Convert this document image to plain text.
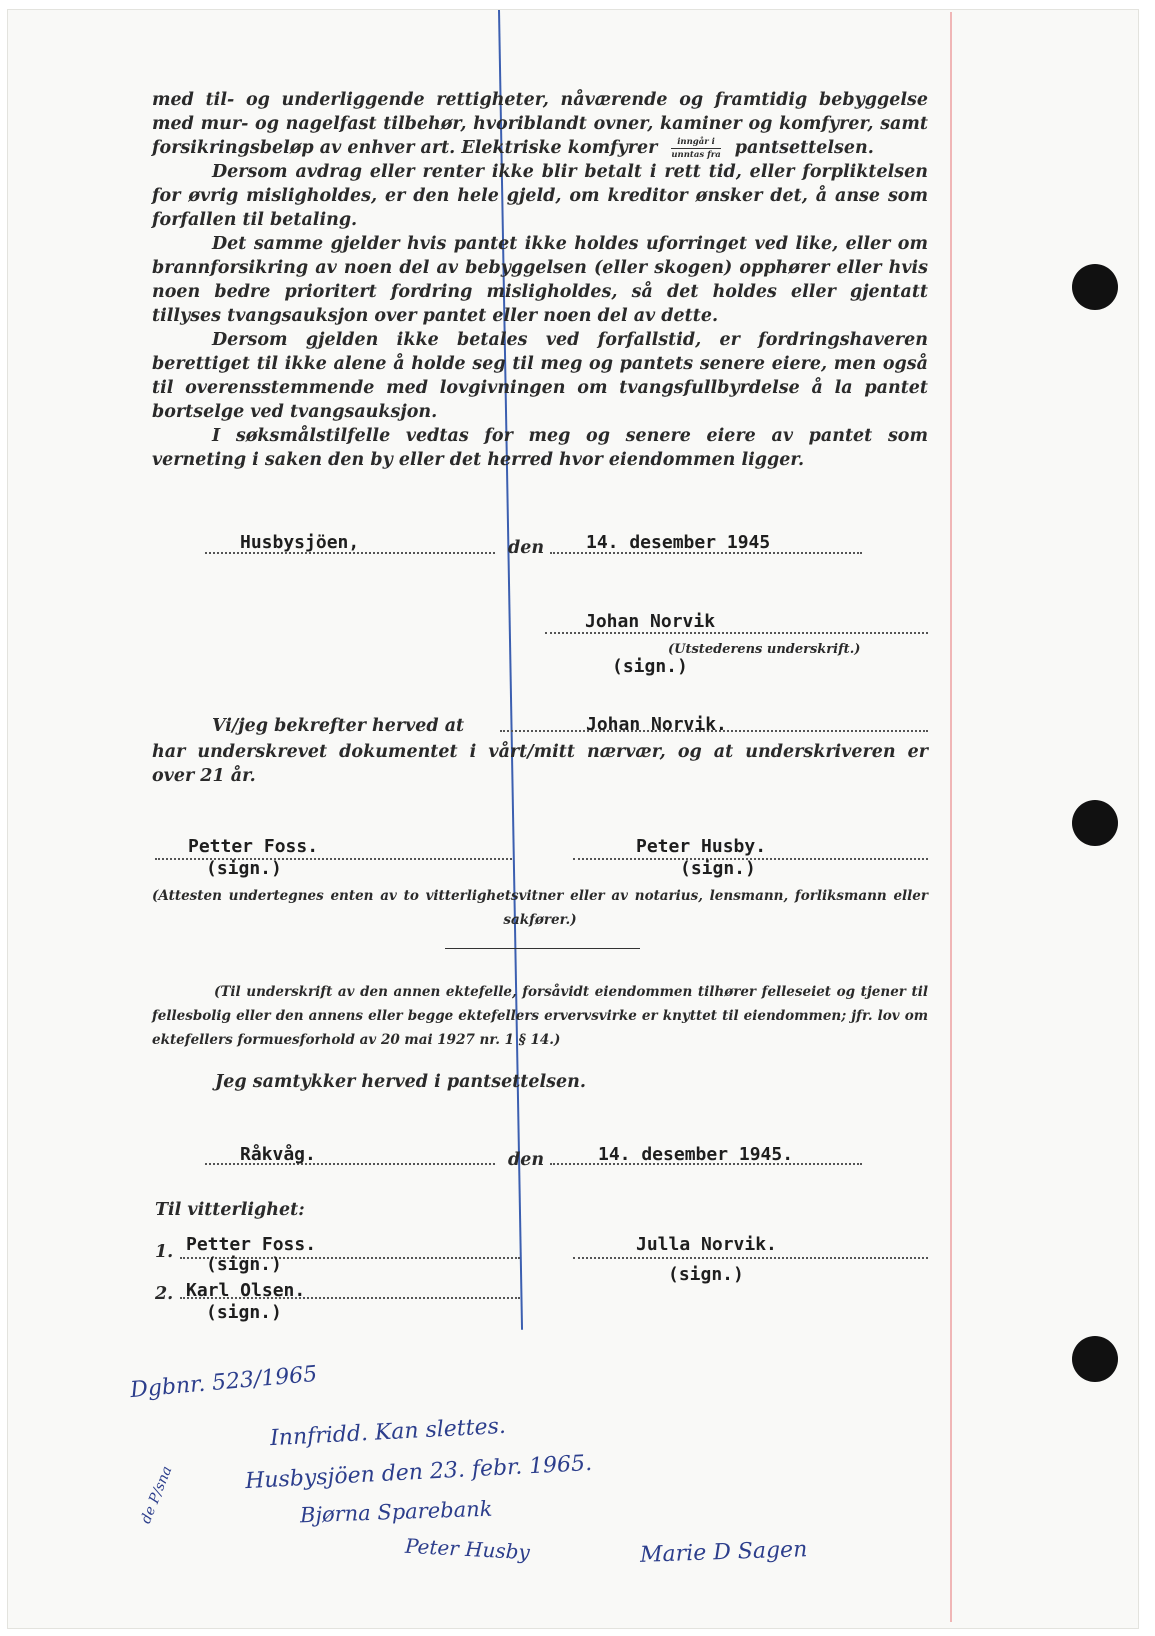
med til- og underliggende rettigheter, nåværende og framtidig bebyggelse med mur- og nagelfast tilbehør, hvoriblandt ovner, kaminer og komfyrer, samt forsikringsbeløp av enhver art. Elektriske komfyrer $\frac{\text{inngår i}}{\text{unntas fra}}$ pantsettelsen.

Dersom avdrag eller renter ikke blir betalt i rett tid, eller forpliktelsen for øvrig misligholdes, er den hele gjeld, om kreditor ønsker det, å anse som forfallen til betaling.

Det samme gjelder hvis pantet ikke holdes uforringet ved like, eller om brannforsikring av noen del av bebyggelsen (eller skogen) opphører eller hvis noen bedre prioritert fordring misligholdes, så det holdes eller gjentatt tillyses tvangsauksjon over pantet eller noen del av dette.

Dersom gjelden ikke betales ved forfallstid, er fordringshaveren berettiget til ikke alene å holde seg til meg og pantets senere eiere, men også til overensstemmende med lovgivningen om tvangsfullbyrdelse å la pantet bortselge ved tvangsauksjon.

I søksmålstilfelle vedtas for meg og senere eiere av pantet som verneting i saken den by eller det herred hvor eiendommen ligger.

Husbysjöen,	den 14. desember 1945
Johan Norvik
(Utstederens underskrift.)
(sign.)
Vi/jeg bekrefter herved at	Johan Norvik.

har underskrevet dokumentet i vårt/mitt nærvær, og at underskriveren er

over 21 år.

Petter Foss.
(sign.)
Peter Husby.
(sign.)
(Attesten undertegnes enten av to vitterlighetsvitner eller av notarius, lensmann, forliksmann eller sakfører.)
(Til underskrift av den annen ektefelle, forsåvidt eiendommen tilhører felleseiet og tjener til fellesbolig eller den annens eller begge ektefellers ervervsvirke er knyttet til eiendommen; jfr. lov om ektefellers formuesforhold av 20 mai 1927 nr. 1 § 14.)
Jeg samtykker herved i pantsettelsen.
Råkvåg.	den	14. desember 1945.
Til vitterlighet:
1. Petter Foss.
(sign.)
2. Karl Olsen.
(sign.)
Julla Norvik.
(sign.)
Dgbnr. 523/1965
Innfridd. Kan slettes.
Husbysjöen den 23. febr. 1965.
Bjørna Sparebank
Peter Husby	Marie D Sagen
de P/sna
